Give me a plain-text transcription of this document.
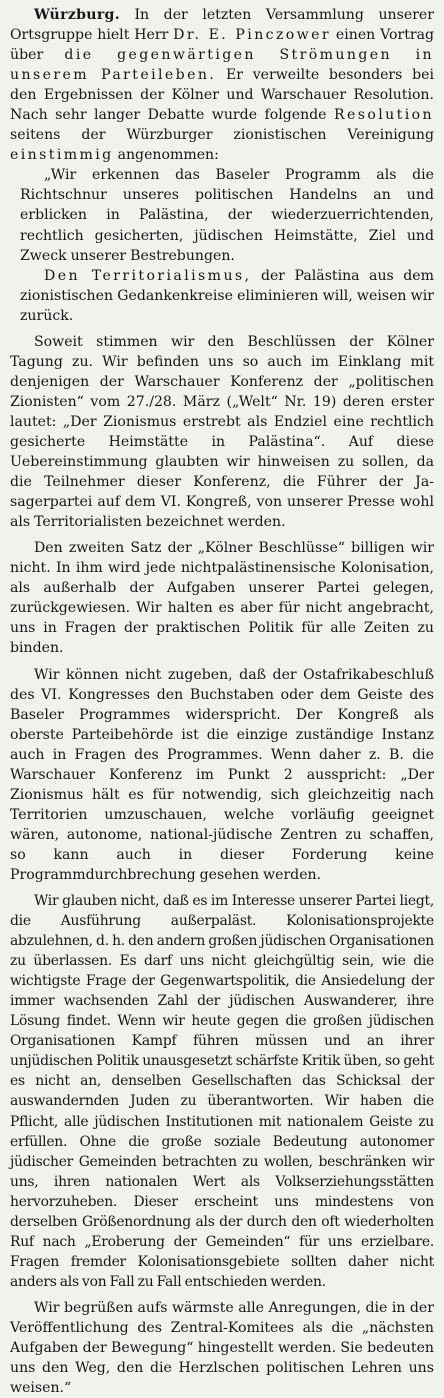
Würzburg. In der letzten Versammlung unserer Ortsgruppe hielt Herr Dr. E. Pinczower einen Vortrag über die gegenwärtigen Strömungen in unserem Parteileben. Er verweilte besonders bei den Ergebnissen der Kölner und Warschauer Resolution. Nach sehr langer Debatte wurde folgende Resolution seitens der Würzburger zionistischen Vereinigung einstimmig angenommen:

„Wir erkennen das Baseler Programm als die Richtschnur unseres politischen Handelns an und erblicken in Palästina, der wiederzuerrichtenden, rechtlich gesicherten, jüdischen Heimstätte, Ziel und Zweck unserer Bestrebungen.

Den Territorialismus, der Palästina aus dem zionistischen Gedankenkreise eliminieren will, weisen wir zurück.

Soweit stimmen wir den Beschlüssen der Kölner Tagung zu. Wir befinden uns so auch im Einklang mit denjenigen der Warschauer Konferenz der „politischen Zionisten“ vom 27./28. März („Welt“ Nr. 19) deren erster lautet: „Der Zionismus erstrebt als Endziel eine rechtlich gesicherte Heimstätte in Palästina“. Auf diese Uebereinstimmung glaubten wir hinweisen zu sollen, da die Teilnehmer dieser Konferenz, die Führer der Ja-sagerpartei auf dem VI. Kongreß, von unserer Presse wohl als Territorialisten bezeichnet werden.

Den zweiten Satz der „Kölner Beschlüsse“ billigen wir nicht. In ihm wird jede nichtpalästinensische Kolonisation, als außerhalb der Aufgaben unserer Partei gelegen, zurückgewiesen. Wir halten es aber für nicht angebracht, uns in Fragen der praktischen Politik für alle Zeiten zu binden.

Wir können nicht zugeben, daß der Ostafrikabeschluß des VI. Kongresses den Buchstaben oder dem Geiste des Baseler Programmes widerspricht. Der Kongreß als oberste Parteibehörde ist die einzige zuständige Instanz auch in Fragen des Programmes. Wenn daher z. B. die Warschauer Konferenz im Punkt 2 ausspricht: „Der Zionismus hält es für notwendig, sich gleichzeitig nach Territorien umzuschauen, welche vorläufig geeignet wären, autonome, national-jüdische Zentren zu schaffen, so kann auch in dieser Forderung keine Programmdurchbrechung gesehen werden.

Wir glauben nicht, daß es im Interesse unserer Partei liegt, die Ausführung außerpaläst. Kolonisationsprojekte abzulehnen, d. h. den andern großen jüdischen Organisationen zu überlassen. Es darf uns nicht gleichgültig sein, wie die wichtigste Frage der Gegenwartspolitik, die Ansiedelung der immer wachsenden Zahl der jüdischen Auswanderer, ihre Lösung findet. Wenn wir heute gegen die großen jüdischen Organisationen Kampf führen müssen und an ihrer unjüdischen Politik unausgesetzt schärfste Kritik üben, so geht es nicht an, denselben Gesellschaften das Schicksal der auswandernden Juden zu überantworten. Wir haben die Pflicht, alle jüdischen Institutionen mit nationalem Geiste zu erfüllen. Ohne die große soziale Bedeutung autonomer jüdischer Gemeinden betrachten zu wollen, beschränken wir uns, ihren nationalen Wert als Volkserziehungsstätten hervorzuheben. Dieser erscheint uns mindestens von derselben Größenordnung als der durch den oft wiederholten Ruf nach „Eroberung der Gemeinden“ für uns erzielbare. Fragen fremder Kolonisationsgebiete sollten daher nicht anders als von Fall zu Fall entschieden werden.

Wir begrüßen aufs wärmste alle Anregungen, die in der Veröffentlichung des Zentral-Komitees als die „nächsten Aufgaben der Bewegung“ hingestellt werden. Sie bedeuten uns den Weg, den die Herzlschen politischen Lehren uns weisen.“
